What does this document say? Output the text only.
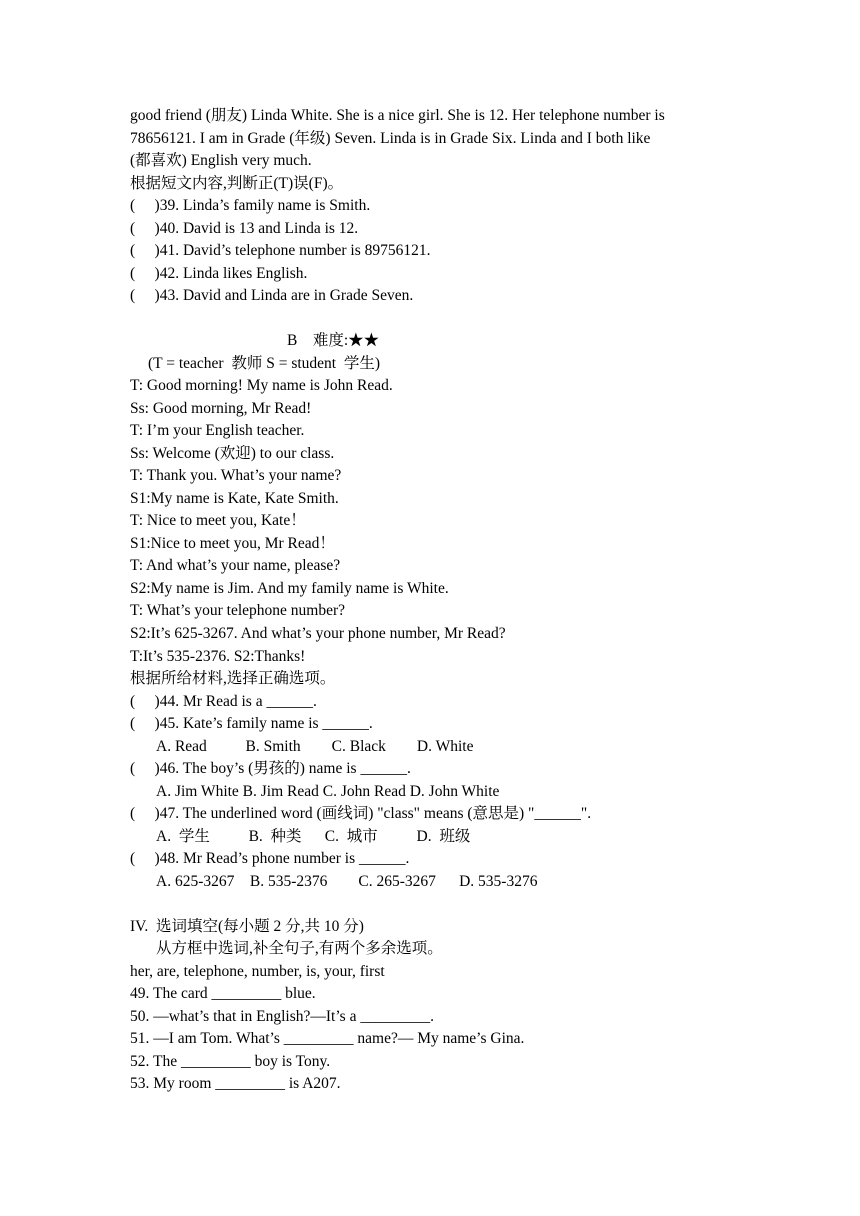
good friend (朋友) Linda White. She is a nice girl. She is 12. Her telephone number is
78656121. I am in Grade (年级) Seven. Linda is in Grade Six. Linda and I both like
(都喜欢) English very much.
根据短文内容,判断正(T)误(F)。
(     )39. Linda’s family name is Smith.
(     )40. David is 13 and Linda is 12.
(     )41. David’s telephone number is 89756121.
(     )42. Linda likes English.
(     )43. David and Linda are in Grade Seven.
B    难度:★★
(T = teacher  教师 S = student  学生)
T: Good morning! My name is John Read.
Ss: Good morning, Mr Read!
T: I’m your English teacher.
Ss: Welcome (欢迎) to our class.
T: Thank you. What’s your name?
S1:My name is Kate, Kate Smith.
T: Nice to meet you, Kate！
S1:Nice to meet you, Mr Read！
T: And what’s your name, please?
S2:My name is Jim. And my family name is White.
T: What’s your telephone number?
S2:It’s 625-3267. And what’s your phone number, Mr Read?
T:It’s 535-2376. S2:Thanks!
根据所给材料,选择正确选项。
(     )44. Mr Read is a ______.
(     )45. Kate’s family name is ______.
A. Read          B. Smith        C. Black        D. White
(     )46. The boy’s (男孩的) name is ______.
A. Jim White B. Jim Read C. John Read D. John White
(     )47. The underlined word (画线词) "class" means (意思是) "______".
A.  学生          B.  种类      C.  城市          D.  班级
(     )48. Mr Read’s phone number is ______.
A. 625-3267    B. 535-2376        C. 265-3267      D. 535-3276
IV.  选词填空(每小题 2 分,共 10 分)
从方框中选词,补全句子,有两个多余选项。
her, are, telephone, number, is, your, first
49. The card _________ blue.
50. —what’s that in English?—It’s a _________.
51. —I am Tom. What’s _________ name?— My name’s Gina.
52. The _________ boy is Tony.
53. My room _________ is A207.
